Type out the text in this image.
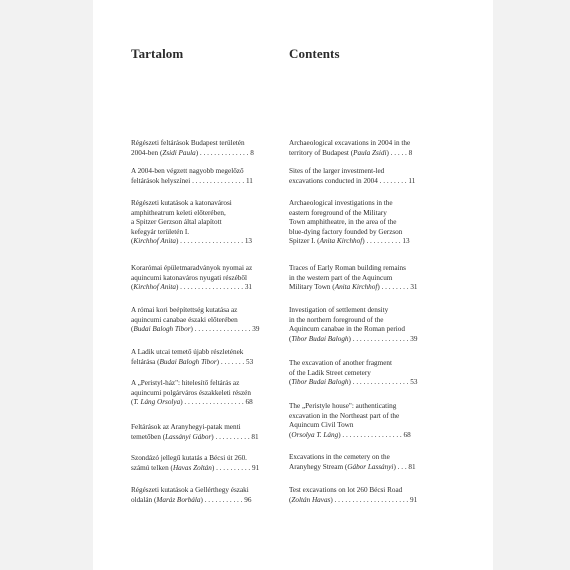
Tartalom
Régészeti feltárások Budapest területén
2004-ben (Zsidi Paula) . . . . . . . . . . . . . . 8
A 2004-ben végzett nagyobb megelőző
feltárások helyszínei . . . . . . . . . . . . . . . 11
Régészeti kutatások a katonavárosi
amphitheatrum keleti előterében,
a Spitzer Gerzson által alapított
kefegyár területén I.
(Kirchhof Anita) . . . . . . . . . . . . . . . . . . 13
Korarómai épületmaradványok nyomai az
aquincumi katonaváros nyugati részéből
(Kirchhof Anita) . . . . . . . . . . . . . . . . . . 31
A római kori beépítettség kutatása az
aquincumi canabae északi előterében
(Budai Balogh Tibor) . . . . . . . . . . . . . . . . 39
A Ladik utcai temető újabb részletének
feltárása (Budai Balogh Tibor) . . . . . . . 53
A „Peristyl-ház": hitelesítő feltárás az
aquincumi polgárváros északkeleti részén
(T. Láng Orsolya) . . . . . . . . . . . . . . . . . 68
Feltárások az Aranyhegyi-patak menti
temetőben (Lassányi Gábor) . . . . . . . . . . 81
Szondázó jellegű kutatás a Bécsi út 260.
számú telken (Havas Zoltán) . . . . . . . . . . 91
Régészeti kutatások a Gellérthegy északi
oldalán (Maráz Borbála) . . . . . . . . . . . 96
Contents
Archaeological excavations in 2004 in the
territory of Budapest (Paula Zsidi) . . . . . 8
Sites of the larger investment-led
excavations conducted in 2004 . . . . . . . . 11
Archaeological investigations in the
eastern foreground of the Military
Town amphitheatre, in the area of the
blue-dying factory founded by Gerzson
Spitzer I. (Anita Kirchhof) . . . . . . . . . . 13
Traces of Early Roman building remains
in the western part of the Aquincum
Military Town (Anita Kirchhof) . . . . . . . . 31
Investigation of settlement density
in the northern foreground of the
Aquincum canabae in the Roman period
(Tibor Budai Balogh) . . . . . . . . . . . . . . . . 39
The excavation of another fragment
of the Ladik Street cemetery
(Tibor Budai Balogh) . . . . . . . . . . . . . . . . 53
The „Peristyle house": authenticating
excavation in the Northeast part of the
Aquincum Civil Town
(Orsolya T. Láng) . . . . . . . . . . . . . . . . . 68
Excavations in the cemetery on the
Aranyhegy Stream (Gábor Lassányi) . . . 81
Test excavations on lot 260 Bécsi Road
(Zoltán Havas) . . . . . . . . . . . . . . . . . . . . . 91
